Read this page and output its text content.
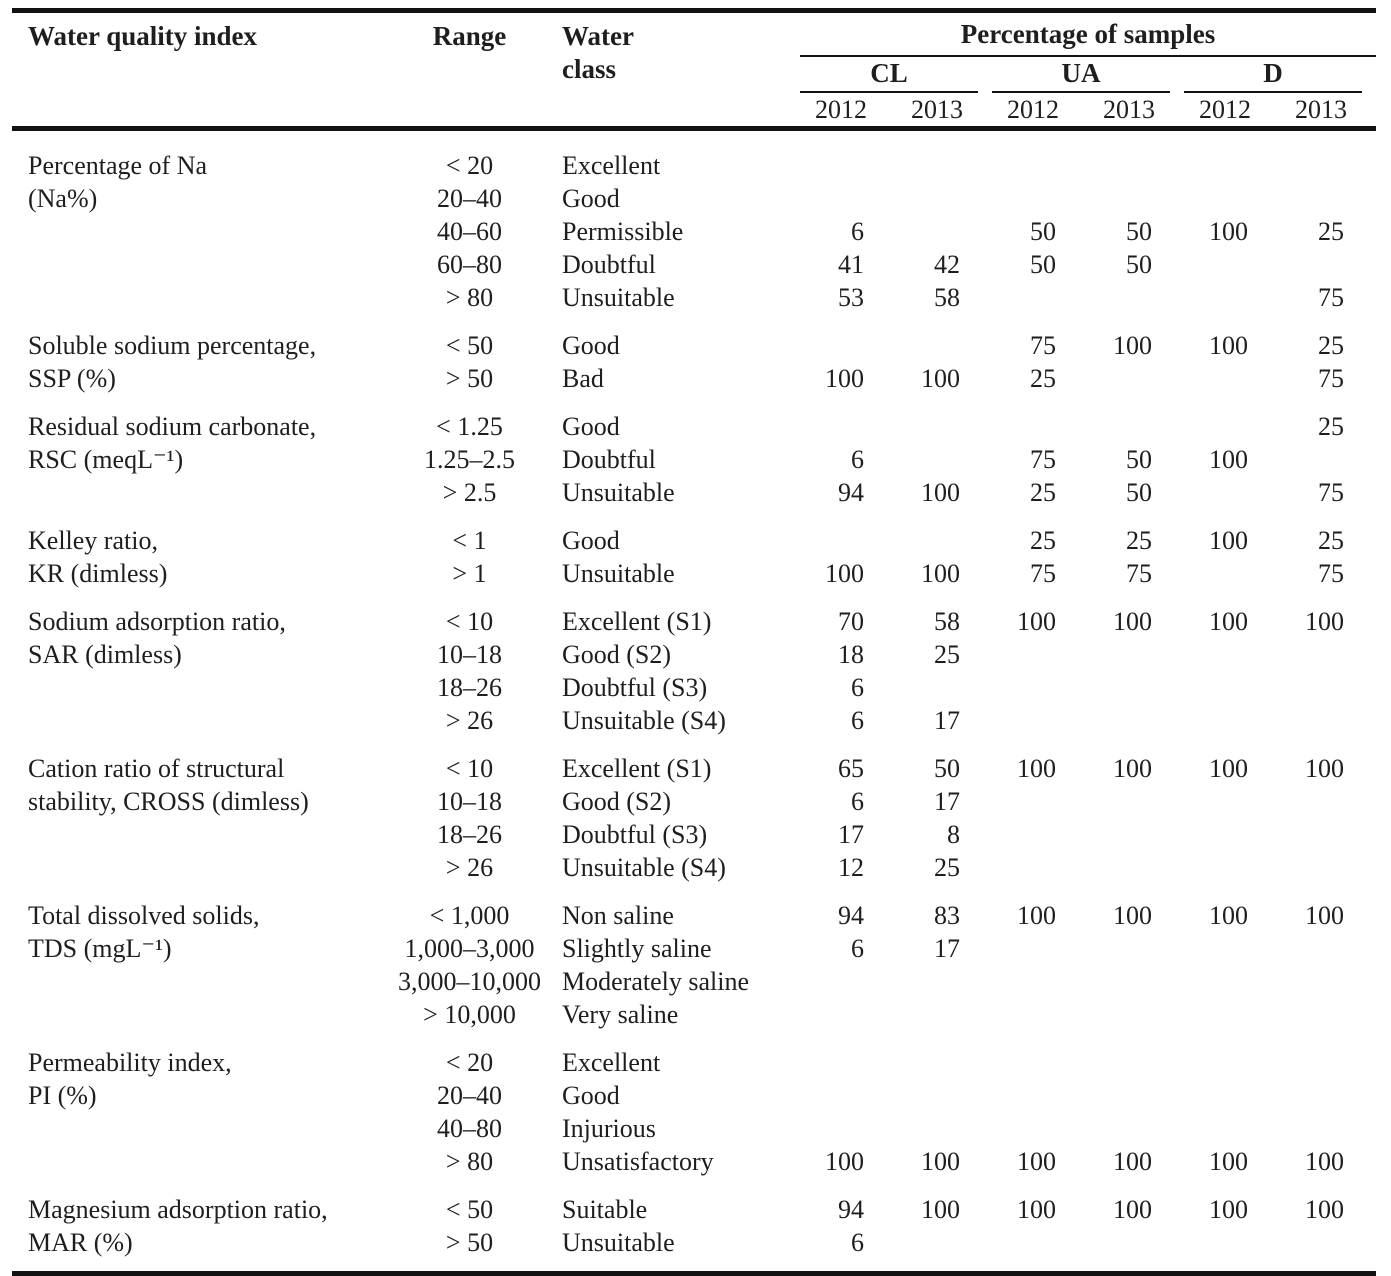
Water quality index	Range	Water
class	Percentage of samples					

			CL		UA		D	

			2012	2013	2012	2013	2012	2013

Percentage of Na
(Na%)	< 20	Excellent						
	20–40	Good						
	40–60	Permissible	6		50	50	100	25
	60–80	Doubtful	41	42	50	50		
	> 80	Unsuitable	53	58				75

Soluble sodium percentage,
SSP (%)	< 50	Good			75	100	100	25
	> 50	Bad	100	100	25			75

Residual sodium carbonate,
RSC (meqL⁻¹)	< 1.25	Good						25
	1.25–2.5	Doubtful	6		75	50	100	
	> 2.5	Unsuitable	94	100	25	50		75

Kelley ratio,
KR (dimless)	< 1	Good			25	25	100	25
	> 1	Unsuitable	100	100	75	75		75

Sodium adsorption ratio,
SAR (dimless)	< 10	Excellent (S1)	70	58	100	100	100	100
	10–18	Good (S2)	18	25				
	18–26	Doubtful (S3)	6					
	> 26	Unsuitable (S4)	6	17				

Cation ratio of structural
stability, CROSS (dimless)	< 10	Excellent (S1)	65	50	100	100	100	100
	10–18	Good (S2)	6	17				
	18–26	Doubtful (S3)	17	8				
	> 26	Unsuitable (S4)	12	25				

Total dissolved solids,
TDS (mgL⁻¹)	< 1,000	Non saline	94	83	100	100	100	100
	1,000–3,000	Slightly saline	6	17				
	3,000–10,000	Moderately saline						
	> 10,000	Very saline						

Permeability index,
PI (%)	< 20	Excellent						
	20–40	Good						
	40–80	Injurious						
	> 80	Unsatisfactory	100	100	100	100	100	100

Magnesium adsorption ratio,
MAR (%)	< 50	Suitable	94	100	100	100	100	100
	> 50	Unsuitable	6					
